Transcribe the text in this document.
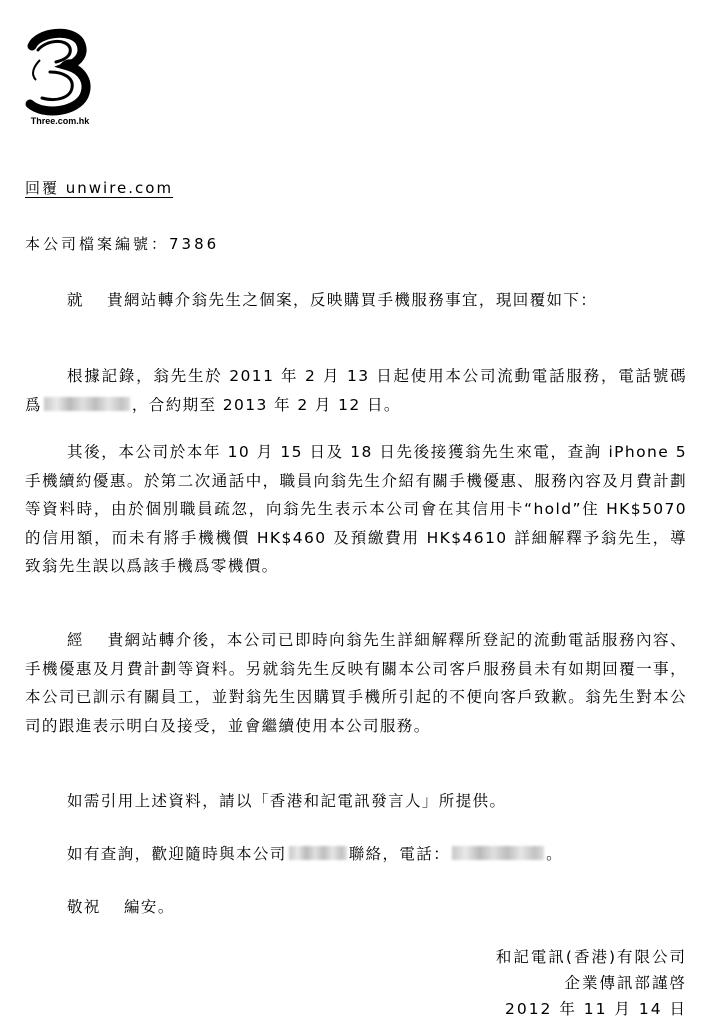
Three.com.hk
回覆 unwire.com
本公司檔案編號：7386
就　 貴網站轉介翁先生之個案，反映購買手機服務事宜，現回覆如下：
根據記錄，翁先生於 2011 年 2 月 13 日起使用本公司流動電話服務，電話號碼爲	，合約期至 2013 年 2 月 12 日。
其後，本公司於本年 10 月 15 日及 18 日先後接獲翁先生來電，查詢 iPhone 5 手機續約優惠。於第二次通話中，職員向翁先生介紹有關手機優惠、服務內容及月費計劃等資料時，由於個別職員疏忽，向翁先生表示本公司會在其信用卡“hold”住 HK$5070 的信用額，而未有將手機機價 HK$460 及預繳費用 HK$4610 詳細解釋予翁先生，導致翁先生誤以爲該手機爲零機價。
經　 貴網站轉介後，本公司已即時向翁先生詳細解釋所登記的流動電話服務內容、手機優惠及月費計劃等資料。另就翁先生反映有關本公司客戶服務員未有如期回覆一事，本公司已訓示有關員工，並對翁先生因購買手機所引起的不便向客戶致歉。翁先生對本公司的跟進表示明白及接受，並會繼續使用本公司服務。
如需引用上述資料，請以「香港和記電訊發言人」所提供。
如有查詢，歡迎隨時與本公司	聯絡，電話：	。
敬祝　 編安。
和記電訊(香港)有限公司
企業傳訊部謹啓
2012 年 11 月 14 日
